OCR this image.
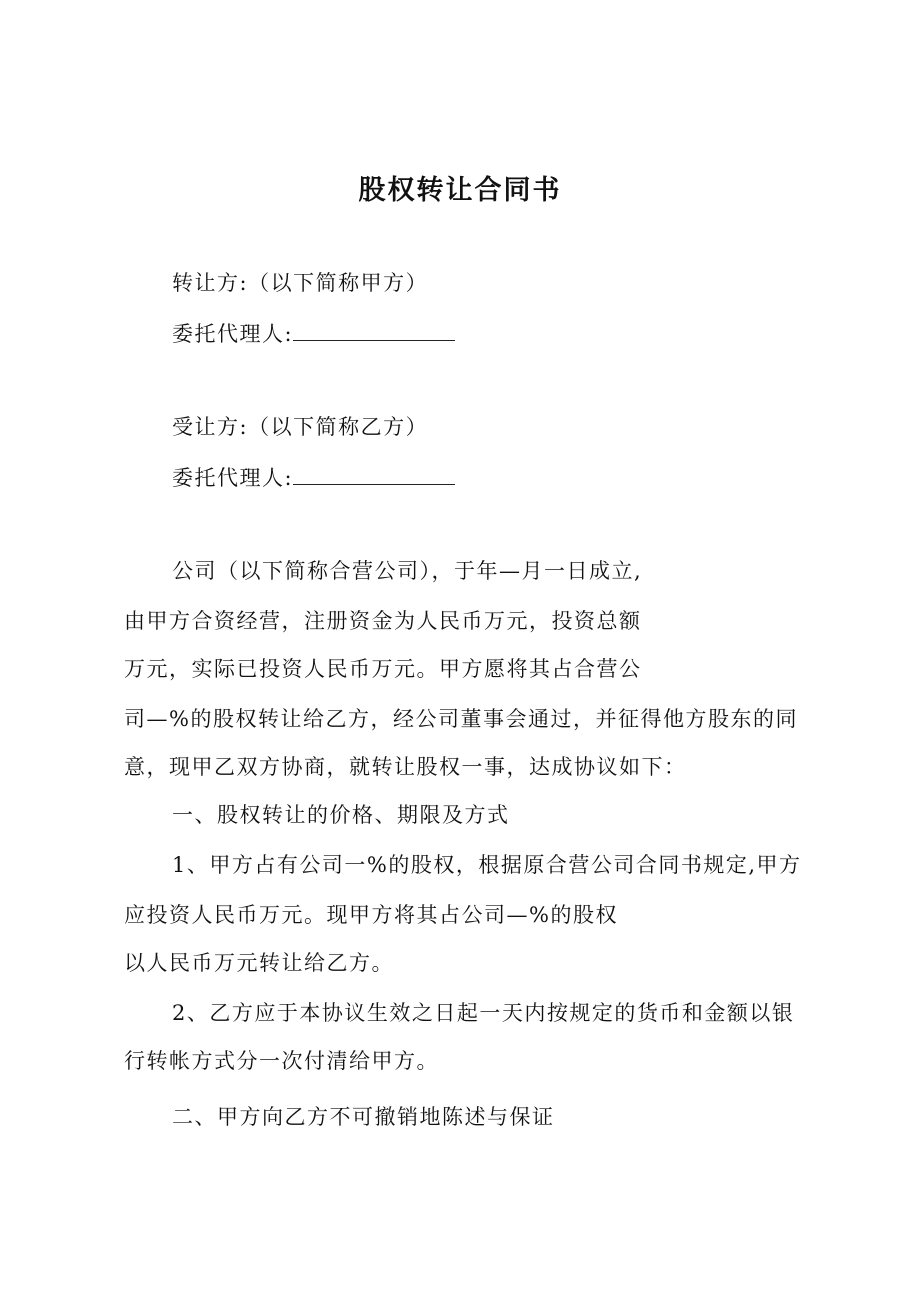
股权转让合同书
转让方:（以下简称甲方）
委托代理人:
受让方:（以下简称乙方）
委托代理人:
公司（以下简称合营公司），于年—月一日成立,
由甲方合资经营，注册资金为人民币万元，投资总额
万元，实际已投资人民币万元。甲方愿将其占合营公
司—%的股权转让给乙方，经公司董事会通过，并征得他方股东的同
意，现甲乙双方协商，就转让股权一事，达成协议如下：
一、股权转让的价格、期限及方式
1、甲方占有公司一%的股权，根据原合营公司合同书规定,甲方
应投资人民币万元。现甲方将其占公司—%的股权
以人民币万元转让给乙方。
2、乙方应于本协议生效之日起一天内按规定的货币和金额以银
行转帐方式分一次付清给甲方。
二、甲方向乙方不可撤销地陈述与保证
